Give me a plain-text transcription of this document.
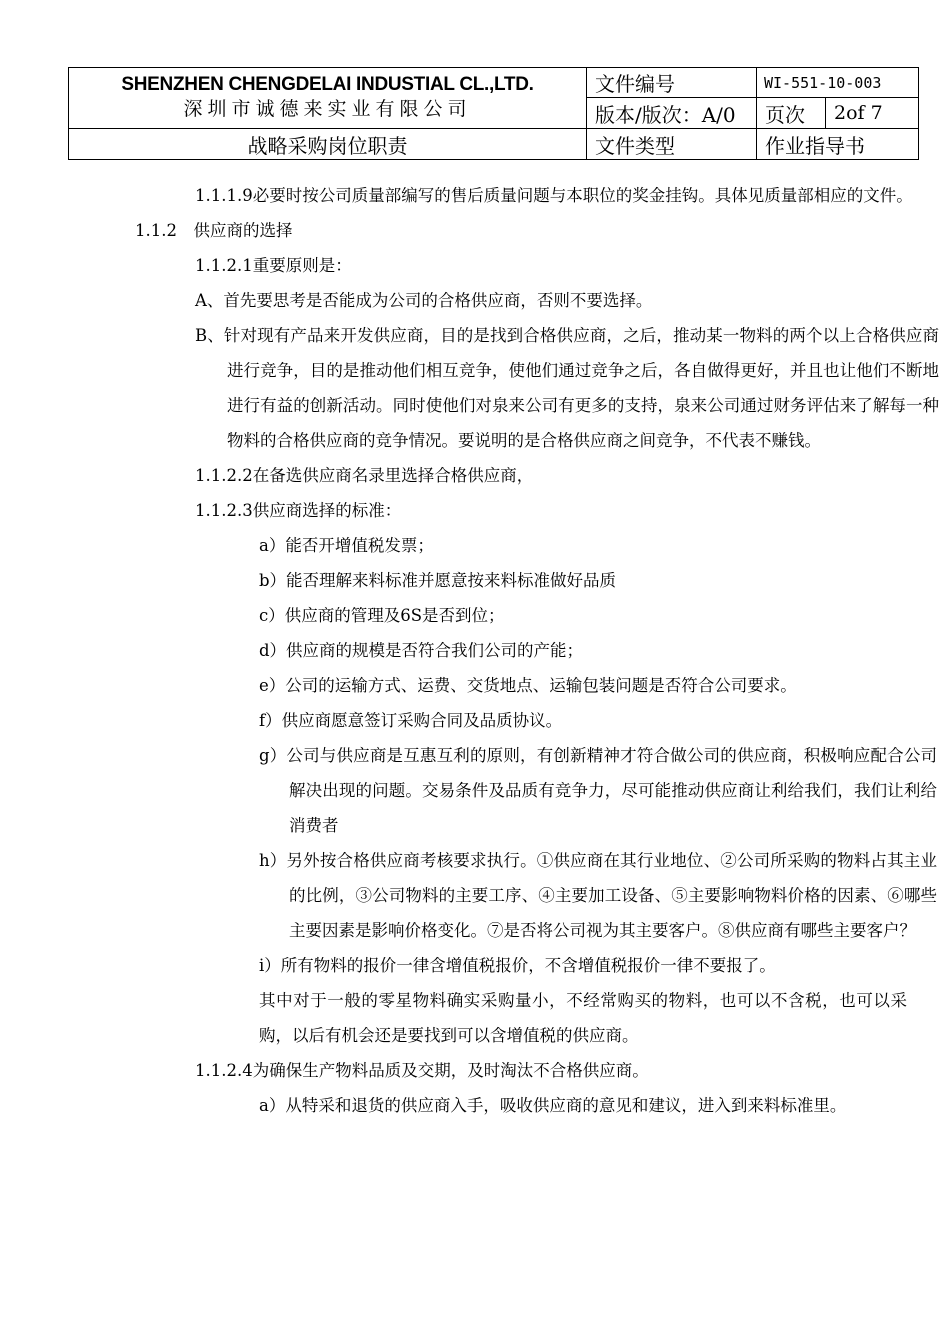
SHENZHEN CHENGDELAI INDUSTIAL CL.,LTD.
深圳市诚德来实业有限公司	文件编号	WI-551-10-003
	版本/版次：A/0	页次 2of 7

战略采购岗位职责	文件类型	作业指导书
1.1.1.9必要时按公司质量部编写的售后质量问题与本职位的奖金挂钩。具体见质量部相应的文件。
1.1.2　供应商的选择
1.1.2.1重要原则是：
A、首先要思考是否能成为公司的合格供应商，否则不要选择。
B、针对现有产品来开发供应商，目的是找到合格供应商，之后，推动某一物料的两个以上合格供应商进行竞争，目的是推动他们相互竞争，使他们通过竞争之后，各自做得更好，并且也让他们不断地进行有益的创新活动。同时使他们对泉来公司有更多的支持，泉来公司通过财务评估来了解每一种物料的合格供应商的竞争情况。要说明的是合格供应商之间竞争，不代表不赚钱。
1.1.2.2在备选供应商名录里选择合格供应商，
1.1.2.3供应商选择的标准：
a）能否开增值税发票；
b）能否理解来料标准并愿意按来料标准做好品质
c）供应商的管理及6S是否到位；
d）供应商的规模是否符合我们公司的产能；
e）公司的运输方式、运费、交货地点、运输包装问题是否符合公司要求。
f）供应商愿意签订采购合同及品质协议。
g）公司与供应商是互惠互利的原则，有创新精神才符合做公司的供应商，积极响应配合公司解决出现的问题。交易条件及品质有竞争力，尽可能推动供应商让利给我们，我们让利给消费者
h）另外按合格供应商考核要求执行。①供应商在其行业地位、②公司所采购的物料占其主业的比例，③公司物料的主要工序、④主要加工设备、⑤主要影响物料价格的因素、⑥哪些主要因素是影响价格变化。⑦是否将公司视为其主要客户。⑧供应商有哪些主要客户？
i）所有物料的报价一律含增值税报价，不含增值税报价一律不要报了。
其中对于一般的零星物料确实采购量小，不经常购买的物料，也可以不含税，也可以采购，以后有机会还是要找到可以含增值税的供应商。
1.1.2.4为确保生产物料品质及交期，及时淘汰不合格供应商。
a）从特采和退货的供应商入手，吸收供应商的意见和建议，进入到来料标准里。
